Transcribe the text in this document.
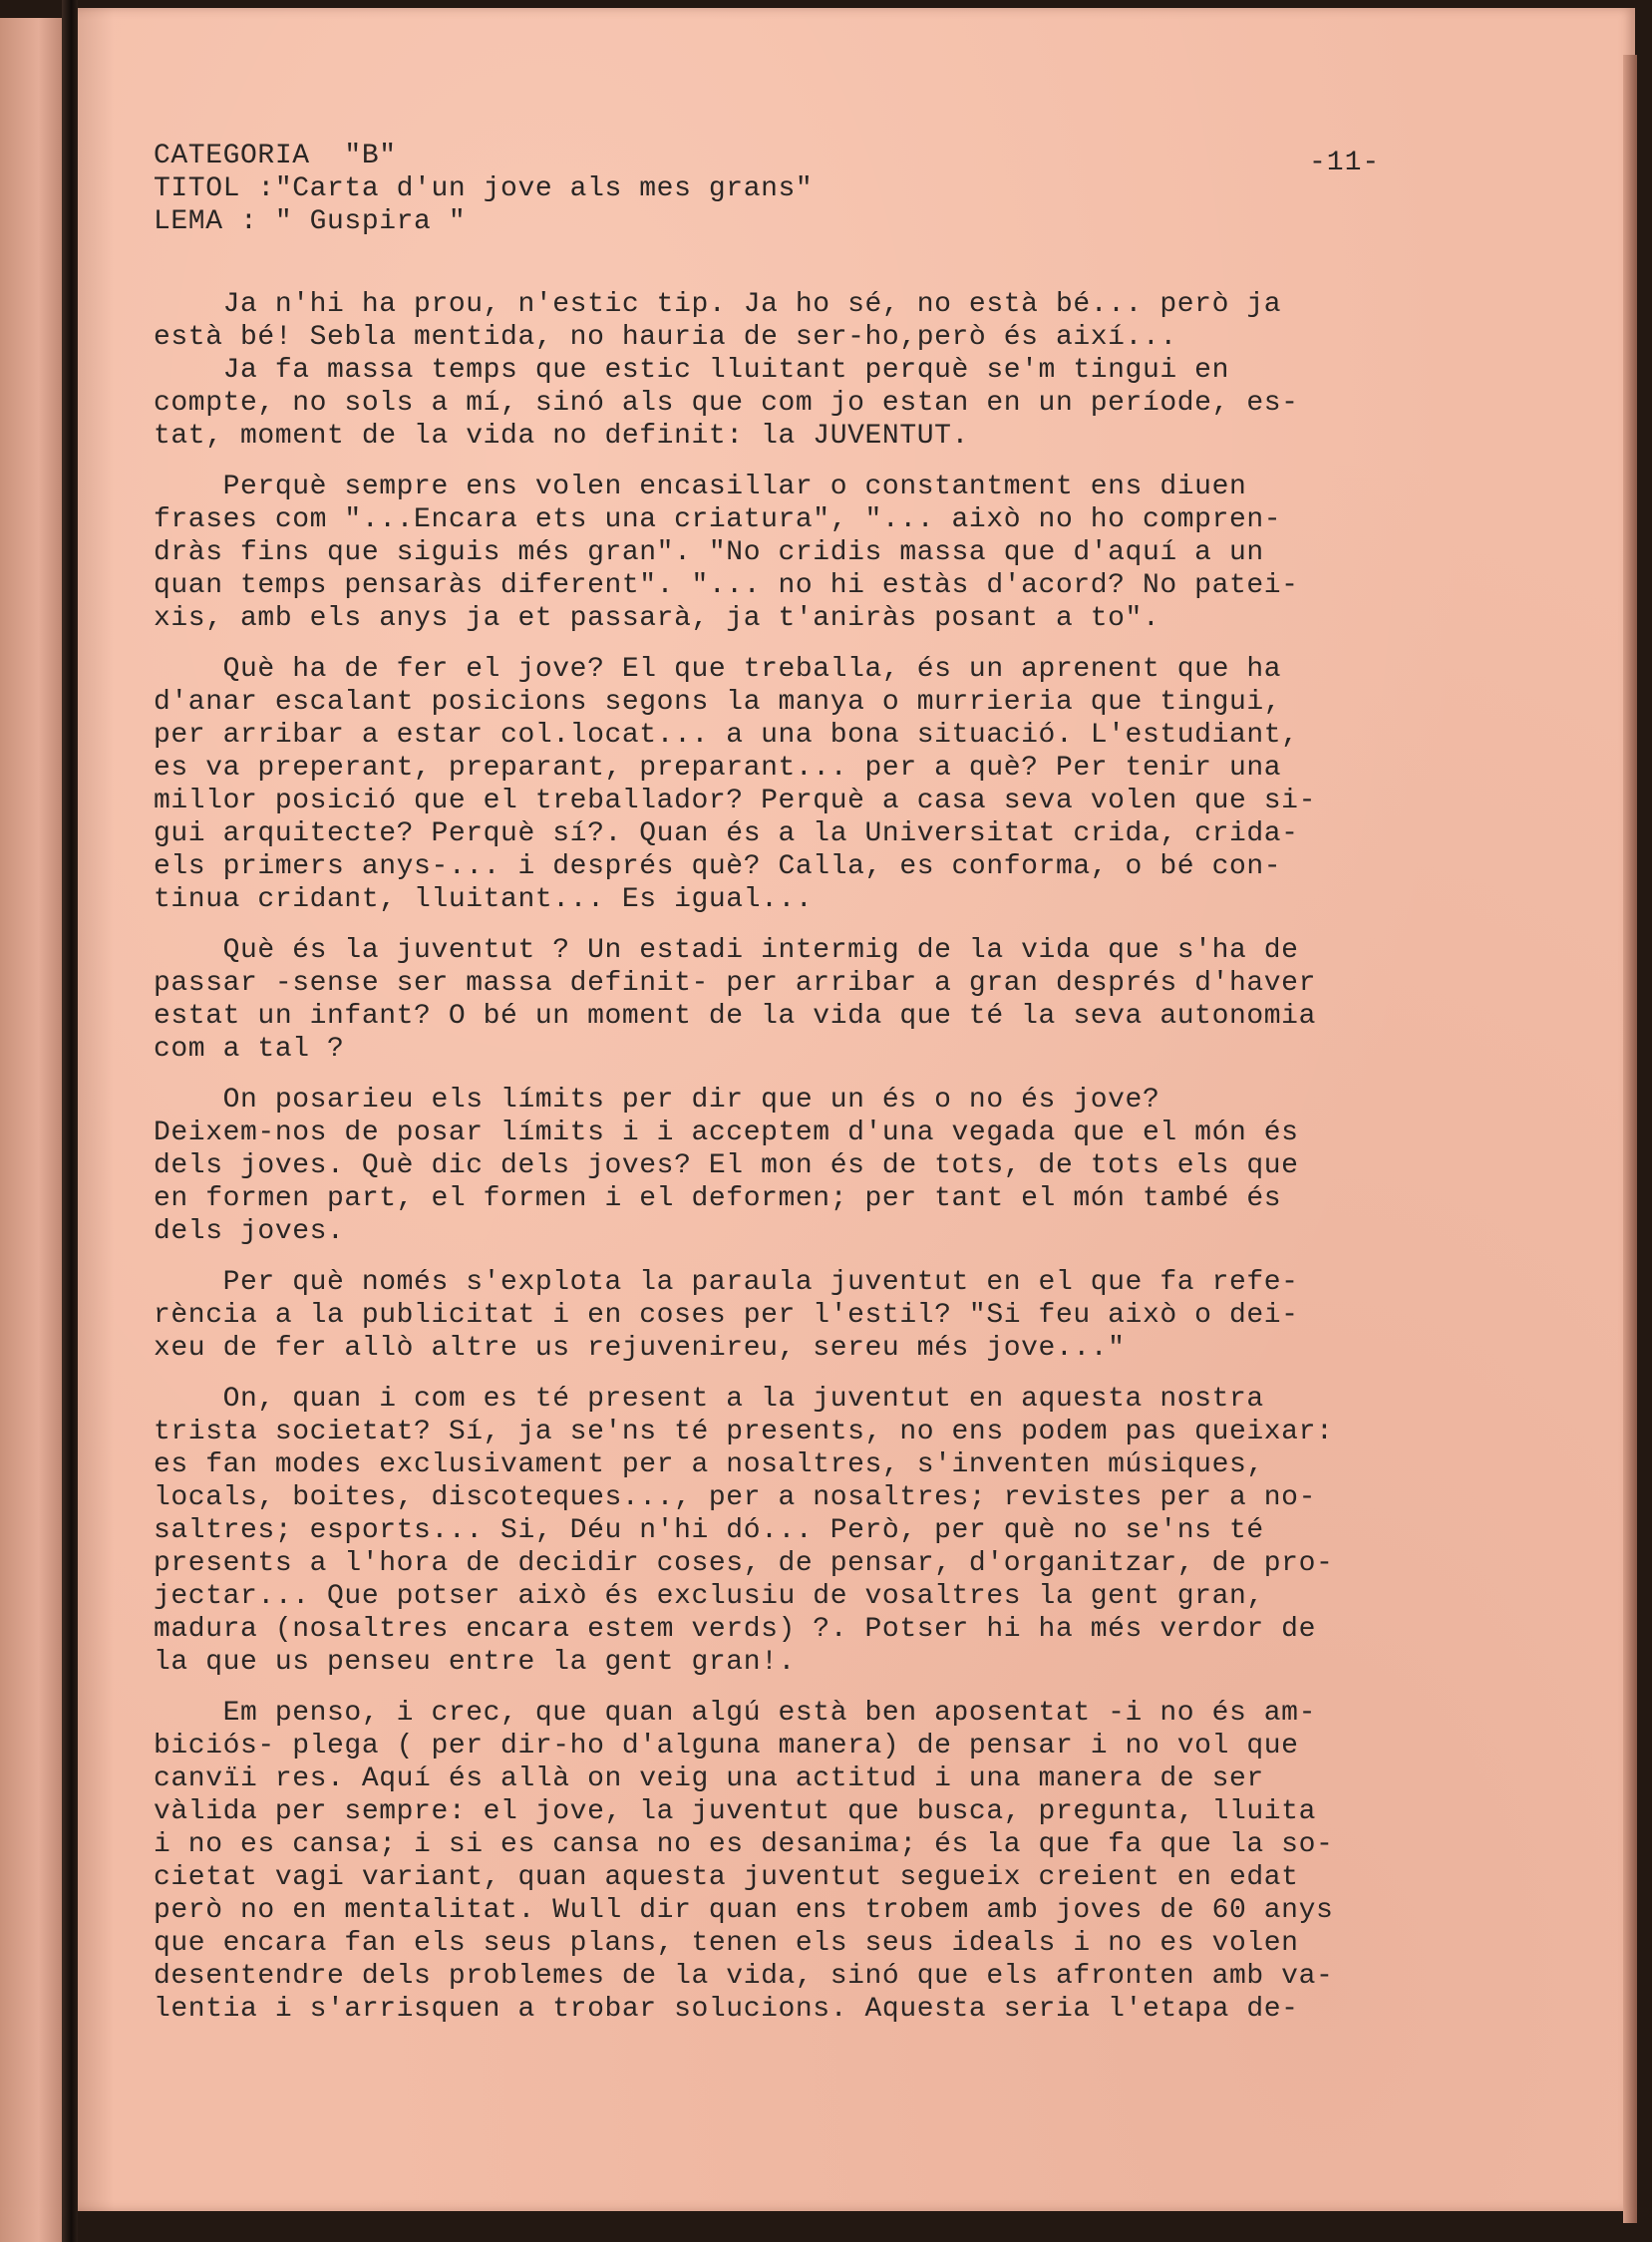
-11-
CATEGORIA  "B"
TITOL :"Carta d'un jove als mes grans"
LEMA : " Guspira "
Ja n'hi ha prou, n'estic tip. Ja ho sé, no està bé... però ja
està bé! Sebla mentida, no hauria de ser-ho,però és així...
Ja fa massa temps que estic lluitant perquè se'm tingui en
compte, no sols a mí, sinó als que com jo estan en un període, es-
tat, moment de la vida no definit: la JUVENTUT.
Perquè sempre ens volen encasillar o constantment ens diuen
frases com "...Encara ets una criatura", "... això no ho compren-
dràs fins que siguis més gran". "No cridis massa que d'aquí a un
quan temps pensaràs diferent". "... no hi estàs d'acord? No patei-
xis, amb els anys ja et passarà, ja t'aniràs posant a to".
Què ha de fer el jove? El que treballa, és un aprenent que ha
d'anar escalant posicions segons la manya o murrieria que tingui,
per arribar a estar col.locat... a una bona situació. L'estudiant,
es va preperant, preparant, preparant... per a què? Per tenir una
millor posició que el treballador? Perquè a casa seva volen que si-
gui arquitecte? Perquè sí?. Quan és a la Universitat crida, crida-
els primers anys-... i després què? Calla, es conforma, o bé con-
tinua cridant, lluitant... Es igual...
Què és la juventut ? Un estadi intermig de la vida que s'ha de
passar -sense ser massa definit- per arribar a gran després d'haver
estat un infant? O bé un moment de la vida que té la seva autonomia
com a tal ?
On posarieu els límits per dir que un és o no és jove?
Deixem-nos de posar límits i i acceptem d'una vegada que el món és
dels joves. Què dic dels joves? El mon és de tots, de tots els que
en formen part, el formen i el deformen; per tant el món també és
dels joves.
Per què només s'explota la paraula juventut en el que fa refe-
rència a la publicitat i en coses per l'estil? "Si feu això o dei-
xeu de fer allò altre us rejuvenireu, sereu més jove..."
On, quan i com es té present a la juventut en aquesta nostra
trista societat? Sí, ja se'ns té presents, no ens podem pas queixar:
es fan modes exclusivament per a nosaltres, s'inventen músiques,
locals, boites, discoteques..., per a nosaltres; revistes per a no-
saltres; esports... Si, Déu n'hi dó... Però, per què no se'ns té
presents a l'hora de decidir coses, de pensar, d'organitzar, de pro-
jectar... Que potser això és exclusiu de vosaltres la gent gran,
madura (nosaltres encara estem verds) ?. Potser hi ha més verdor de
la que us penseu entre la gent gran!.
Em penso, i crec, que quan algú està ben aposentat -i no és am-
biciós- plega ( per dir-ho d'alguna manera) de pensar i no vol que
canvïi res. Aquí és allà on veig una actitud i una manera de ser
vàlida per sempre: el jove, la juventut que busca, pregunta, lluita
i no es cansa; i si es cansa no es desanima; és la que fa que la so-
cietat vagi variant, quan aquesta juventut segueix creient en edat
però no en mentalitat. Wull dir quan ens trobem amb joves de 60 anys
que encara fan els seus plans, tenen els seus ideals i no es volen
desentendre dels problemes de la vida, sinó que els afronten amb va-
lentia i s'arrisquen a trobar solucions. Aquesta seria l'etapa de-
